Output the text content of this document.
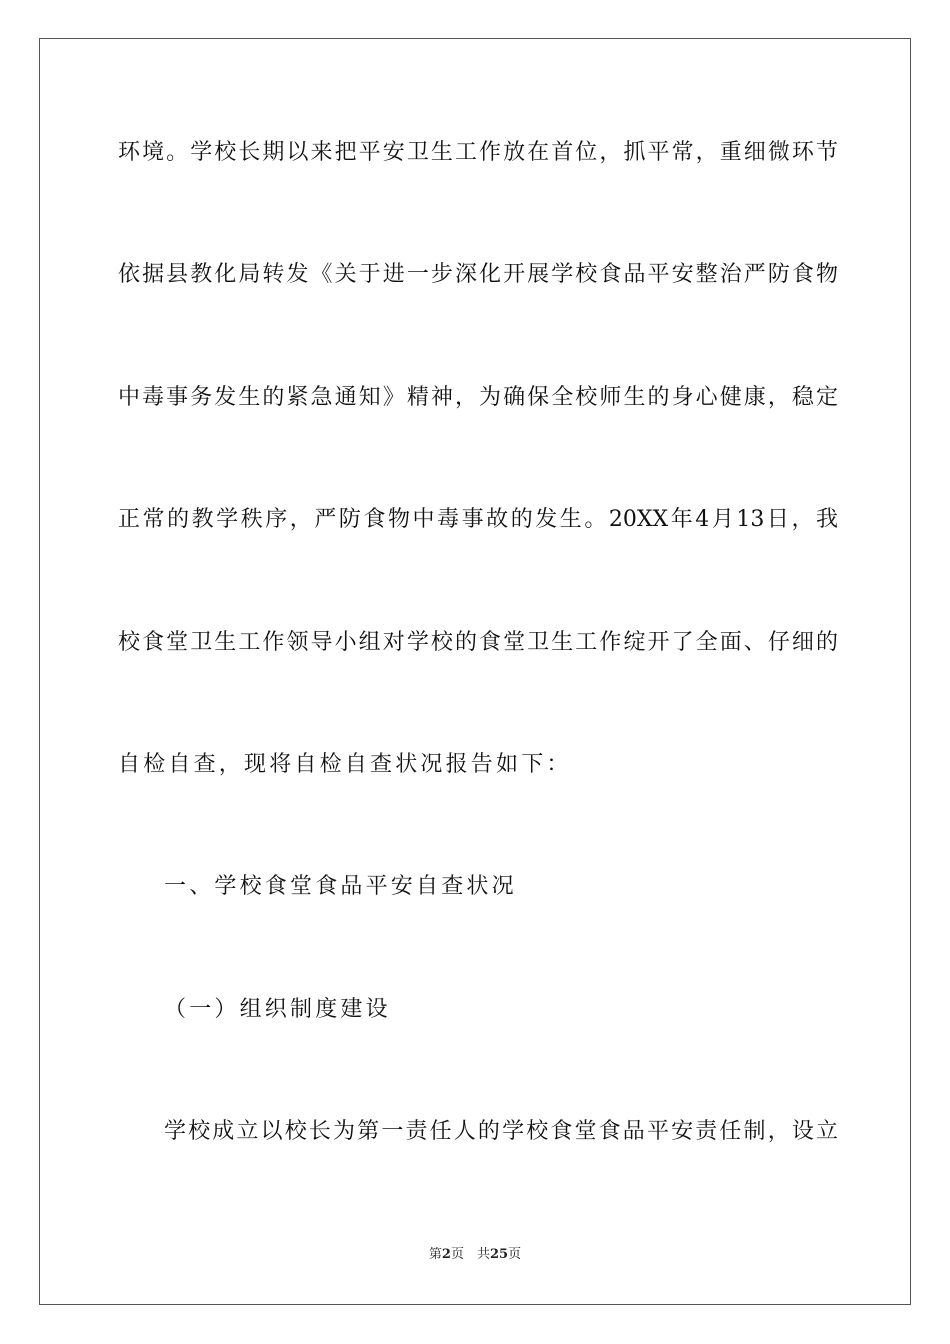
环境。学校长期以来把平安卫生工作放在首位，抓平常，重细微环节
依据县教化局转发《关于进一步深化开展学校食品平安整治严防食物
中毒事务发生的紧急通知》精神，为确保全校师生的身心健康，稳定
正常的教学秩序，严防食物中毒事故的发生。20XX年4月13日，我
校食堂卫生工作领导小组对学校的食堂卫生工作绽开了全面、仔细的
自检自查，现将自检自查状况报告如下：
一、学校食堂食品平安自查状况
（一）组织制度建设
学校成立以校长为第一责任人的学校食堂食品平安责任制，设立
第2页　共25页
